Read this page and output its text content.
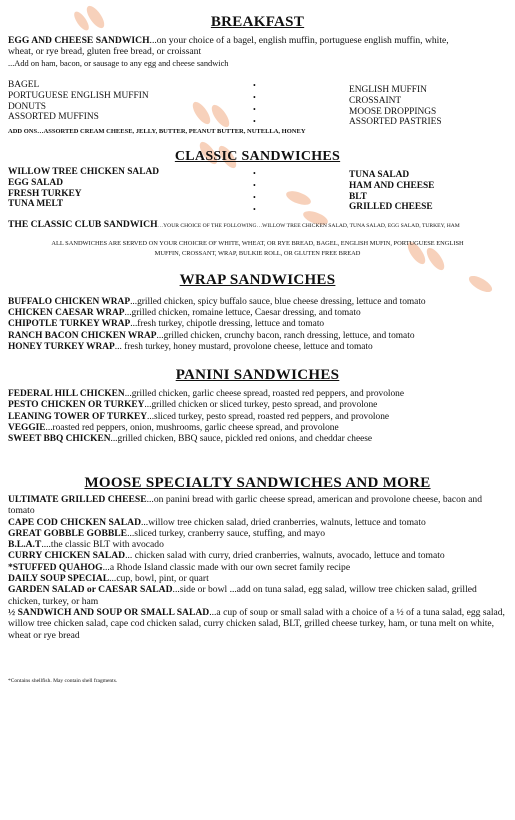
BREAKFAST
EGG AND CHEESE SANDWICH...on your choice of a bagel, english muffin, portuguese english muffin, white,
wheat, or rye bread, gluten free bread, or croissant
...Add on ham, bacon, or sausage to any egg and cheese sandwich
BAGEL
PORTUGUESE ENGLISH MUFFIN
DONUTS
ASSORTED MUFFINS
•
•
•
•
ENGLISH MUFFIN
CROSSAINT
MOOSE DROPPINGS
ASSORTED PASTRIES
ADD ONS…ASSORTED CREAM CHEESE, JELLY, BUTTER, PEANUT BUTTER, NUTELLA, HONEY
CLASSIC SANDWICHES
WILLOW TREE CHICKEN SALAD
EGG SALAD
FRESH TURKEY
TUNA MELT
•
•
•
•
TUNA SALAD
HAM AND CHEESE
BLT
GRILLED CHEESE
THE CLASSIC CLUB SANDWICH…YOUR CHOICE OF THE FOLLOWING…WILLOW TREE CHICKEN SALAD, TUNA SALAD, EGG SALAD, TURKEY, HAM
ALL SANDWICHES ARE SERVED ON YOUR CHOICRE OF WHITE, WHEAT, OR RYE BREAD, BAGEL, ENGLISH MUFIN, PORTUGUESE ENGLISH
MUFFIN, CROSSANT, WRAP, BULKIE ROLL, OR GLUTEN FREE BREAD
WRAP SANDWICHES
BUFFALO CHICKEN WRAP...grilled chicken, spicy buffalo sauce, blue cheese dressing, lettuce and tomato
CHICKEN CAESAR WRAP...grilled chicken, romaine lettuce, Caesar dressing, and tomato
CHIPOTLE TURKEY WRAP...fresh turkey, chipotle dressing, lettuce and tomato
RANCH BACON CHICKEN WRAP...grilled chicken, crunchy bacon, ranch dressing, lettuce, and tomato
HONEY TURKEY WRAP... fresh turkey, honey mustard, provolone cheese, lettuce and tomato
PANINI SANDWICHES
FEDERAL HILL CHICKEN...grilled chicken, garlic cheese spread, roasted red peppers, and provolone
PESTO CHICKEN OR TURKEY...grilled chicken or sliced turkey, pesto spread, and provolone
LEANING TOWER OF TURKEY...sliced turkey, pesto spread, roasted red peppers, and provolone
VEGGIE...roasted red peppers, onion, mushrooms, garlic cheese spread, and provolone
SWEET BBQ CHICKEN...grilled chicken, BBQ sauce, pickled red onions, and cheddar cheese
MOOSE SPECIALTY SANDWICHES AND MORE
ULTIMATE GRILLED CHEESE...on panini bread with garlic cheese spread, american and provolone cheese, bacon and tomato
CAPE COD CHICKEN SALAD...willow tree chicken salad, dried cranberries, walnuts, lettuce and tomato
GREAT GOBBLE GOBBLE...sliced turkey, cranberry sauce, stuffing, and mayo
B.L.A.T....the classic BLT with avocado
CURRY CHICKEN SALAD... chicken salad with curry, dried cranberries, walnuts, avocado, lettuce and tomato
*STUFFED QUAHOG...a Rhode Island classic made with our own secret family recipe
DAILY SOUP SPECIAL...cup, bowl, pint, or quart
GARDEN SALAD or CAESAR SALAD...side or bowl ...add on tuna salad, egg salad, willow tree chicken salad, grilled chicken, turkey, or ham
½ SANDWICH AND SOUP OR SMALL SALAD...a cup of soup or small salad with a choice of a ½ of a tuna salad, egg salad, willow tree chicken salad, cape cod chicken salad, curry chicken salad, BLT, grilled cheese turkey, ham, or tuna melt on white, wheat or rye bread
*Contains shellfish. May contain shell fragments.
